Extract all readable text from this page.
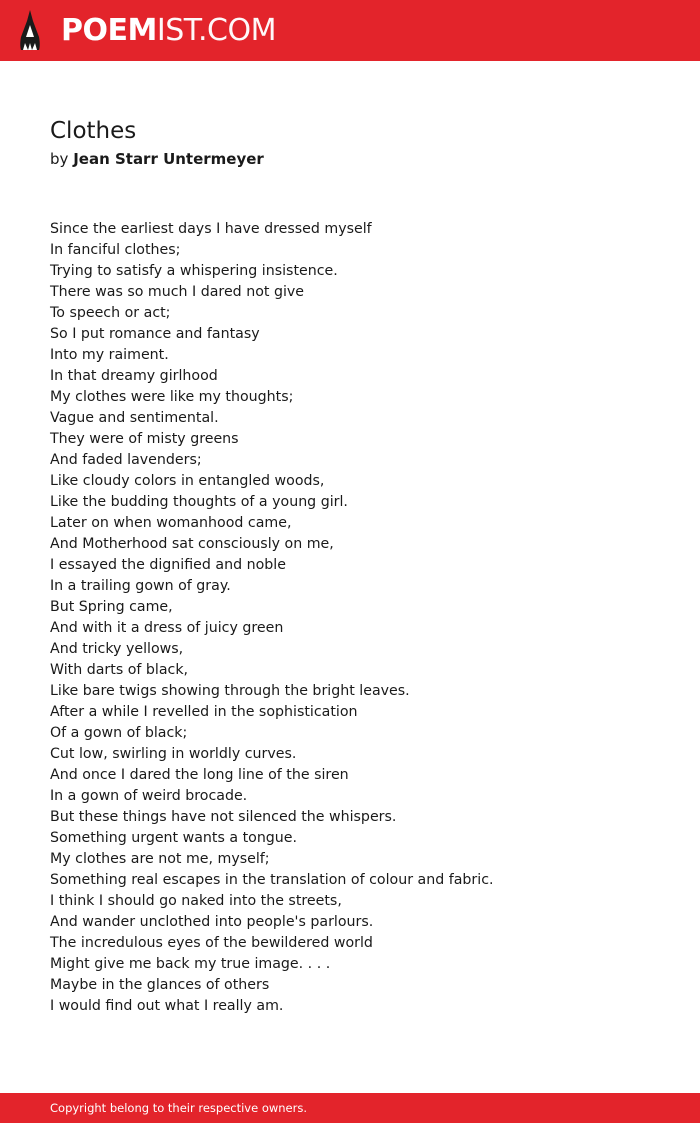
POEMIST.COM
Clothes
by Jean Starr Untermeyer
Since the earliest days I have dressed myself
In fanciful clothes;
Trying to satisfy a whispering insistence.
There was so much I dared not give
To speech or act;
So I put romance and fantasy
Into my raiment.
In that dreamy girlhood
My clothes were like my thoughts;
Vague and sentimental.
They were of misty greens
And faded lavenders;
Like cloudy colors in entangled woods,
Like the budding thoughts of a young girl.
Later on when womanhood came,
And Motherhood sat consciously on me,
I essayed the dignified and noble
In a trailing gown of gray.
But Spring came,
And with it a dress of juicy green
And tricky yellows,
With darts of black,
Like bare twigs showing through the bright leaves.
After a while I revelled in the sophistication
Of a gown of black;
Cut low, swirling in worldly curves.
And once I dared the long line of the siren
In a gown of weird brocade.
But these things have not silenced the whispers.
Something urgent wants a tongue.
My clothes are not me, myself;
Something real escapes in the translation of colour and fabric.
I think I should go naked into the streets,
And wander unclothed into people's parlours.
The incredulous eyes of the bewildered world
Might give me back my true image. . . .
Maybe in the glances of others
I would find out what I really am.
Copyright belong to their respective owners.
